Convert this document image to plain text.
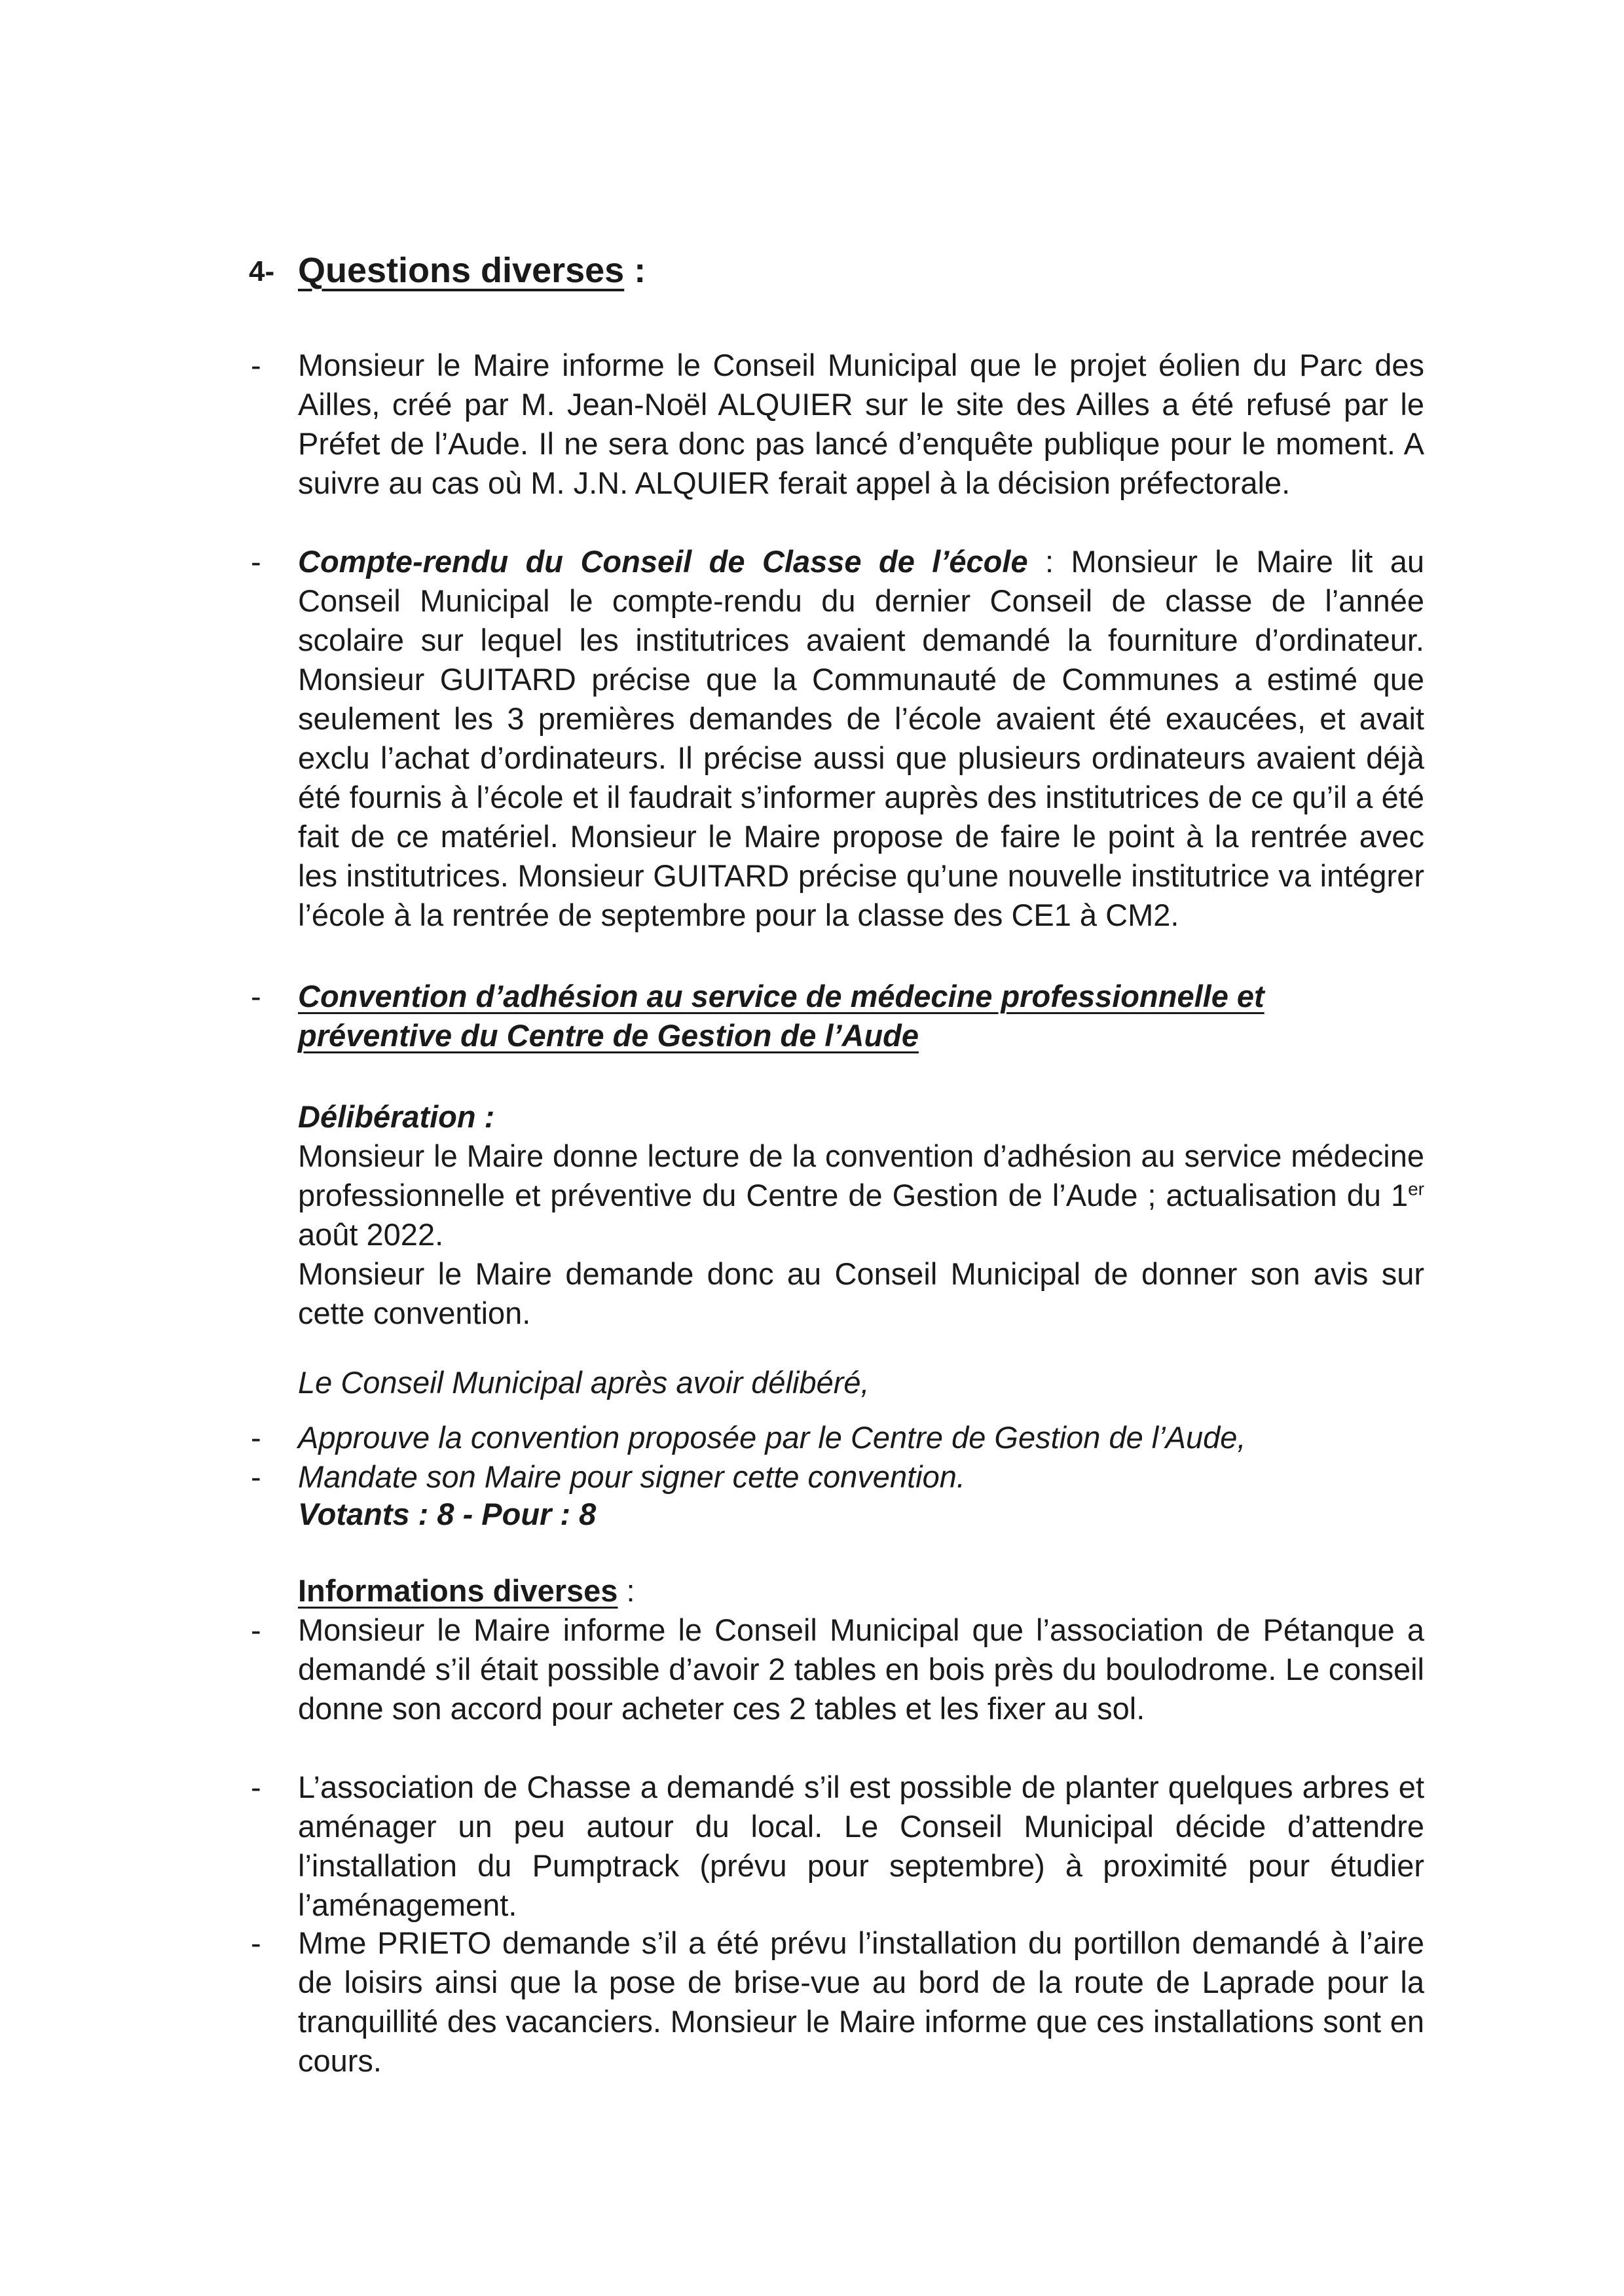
4- Questions diverses :
- Monsieur le Maire informe le Conseil Municipal que le projet éolien du Parc des Ailles, créé par M. Jean-Noël ALQUIER sur le site des Ailles a été refusé par le Préfet de l’Aude. Il ne sera donc pas lancé d’enquête publique pour le moment. A suivre au cas où M. J.N. ALQUIER ferait appel à la décision préfectorale.

- Compte-rendu du Conseil de Classe de l’école : Monsieur le Maire lit au Conseil Municipal le compte-rendu du dernier Conseil de classe de l’année scolaire sur lequel les institutrices avaient demandé la fourniture d’ordinateur. Monsieur GUITARD précise que la Communauté de Communes a estimé que seulement les 3 premières demandes de l’école avaient été exaucées, et avait exclu l’achat d’ordinateurs. Il précise aussi que plusieurs ordinateurs avaient déjà été fournis à l’école et il faudrait s’informer auprès des institutrices de ce qu’il a été fait de ce matériel. Monsieur le Maire propose de faire le point à la rentrée avec les institutrices. Monsieur GUITARD précise qu’une nouvelle institutrice va intégrer l’école à la rentrée de septembre pour la classe des CE1 à CM2.

- Convention d’adhésion au service de médecine professionnelle et préventive du Centre de Gestion de l’Aude

Délibération :

Monsieur le Maire donne lecture de la convention d’adhésion au service médecine professionnelle et préventive du Centre de Gestion de l’Aude ; actualisation du 1er août 2022.

Monsieur le Maire demande donc au Conseil Municipal de donner son avis sur cette convention.

Le Conseil Municipal après avoir délibéré,
- Approuve la convention proposée par le Centre de Gestion de l’Aude,
- Mandate son Maire pour signer cette convention.
Votants : 8 - Pour : 8
Informations diverses :
- Monsieur le Maire informe le Conseil Municipal que l’association de Pétanque a demandé s’il était possible d’avoir 2 tables en bois près du boulodrome. Le conseil donne son accord pour acheter ces 2 tables et les fixer au sol.

- L’association de Chasse a demandé s’il est possible de planter quelques arbres et aménager un peu autour du local. Le Conseil Municipal décide d’attendre l’installation du Pumptrack (prévu pour septembre) à proximité pour étudier l’aménagement.

- Mme PRIETO demande s’il a été prévu l’installation du portillon demandé à l’aire de loisirs ainsi que la pose de brise-vue au bord de la route de Laprade pour la tranquillité des vacanciers. Monsieur le Maire informe que ces installations sont en cours.
